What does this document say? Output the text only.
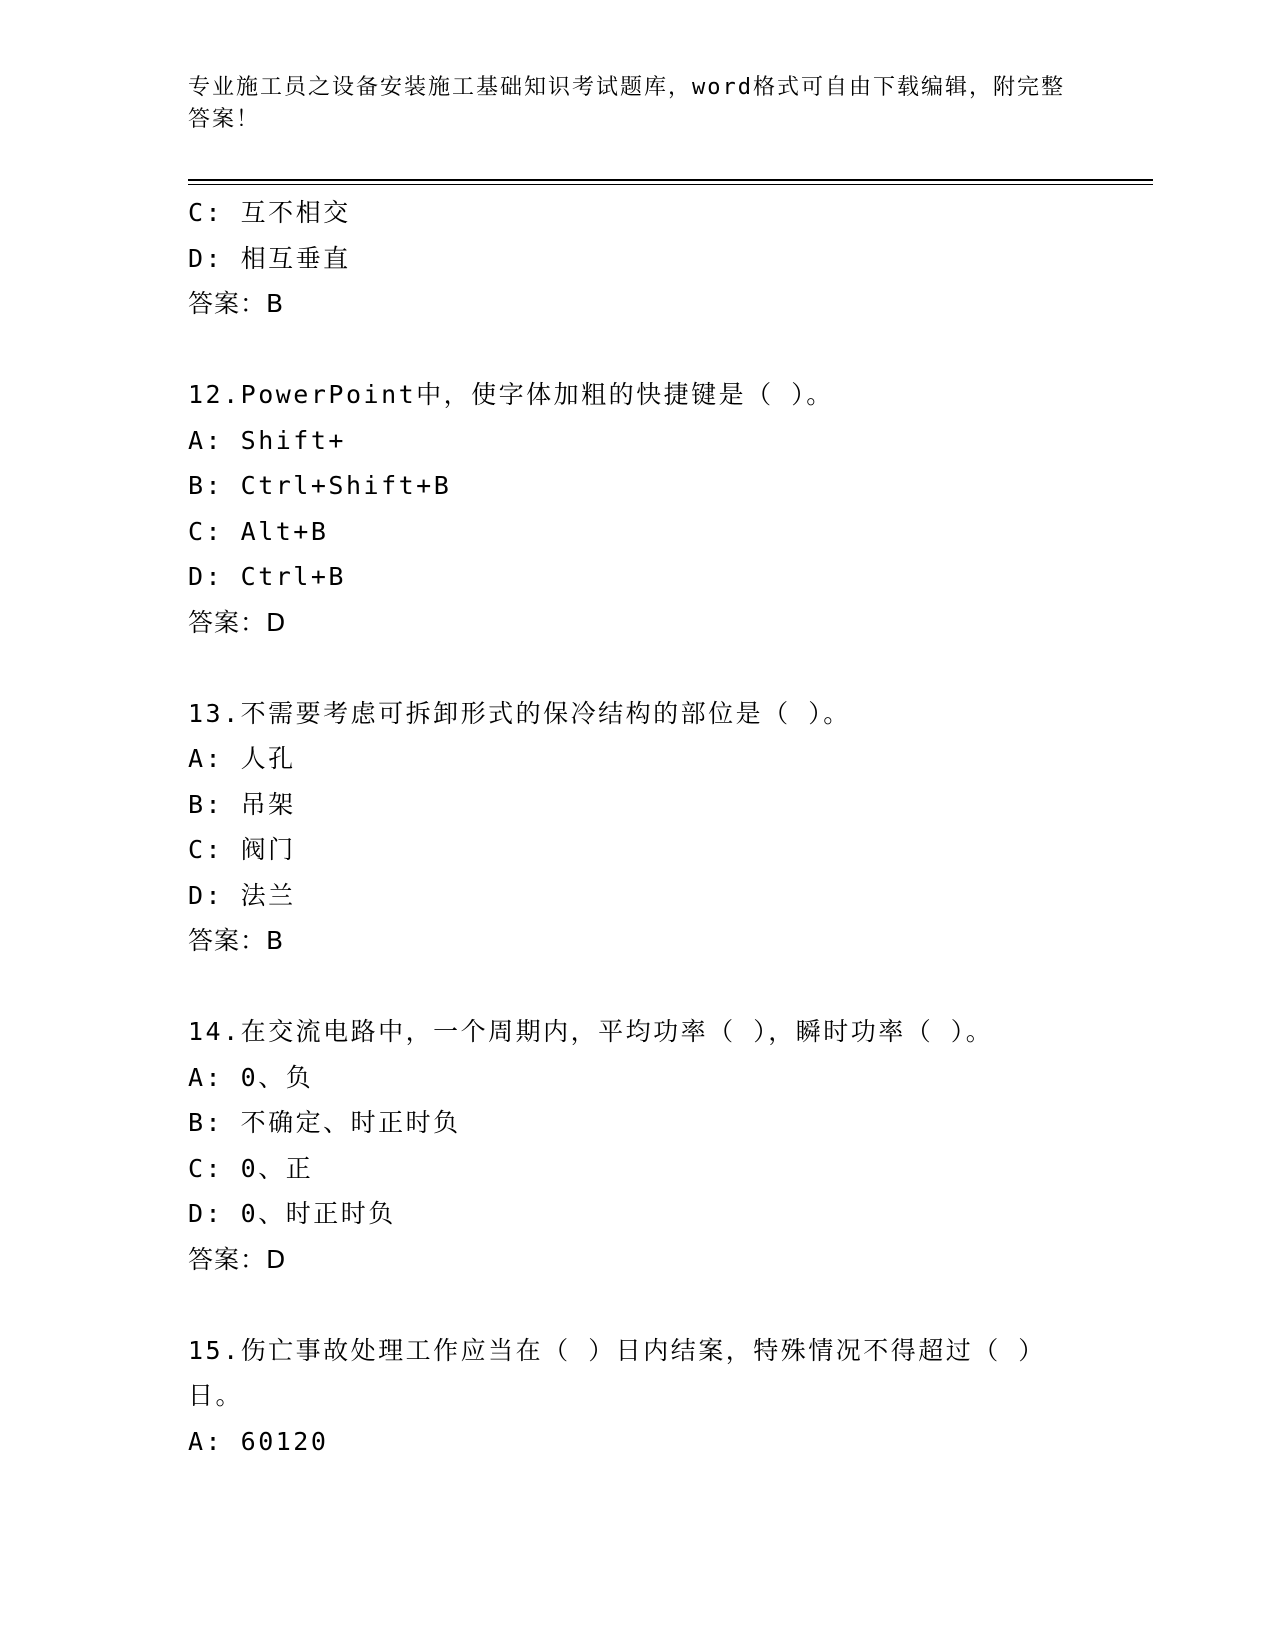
专业施工员之设备安装施工基础知识考试题库，word格式可自由下载编辑，附完整答案！
C: 互不相交
D: 相互垂直
答案：B
12.PowerPoint中，使字体加粗的快捷键是（ ）。
A: Shift+
B: Ctrl+Shift+B
C: Alt+B
D: Ctrl+B
答案：D
13.不需要考虑可拆卸形式的保冷结构的部位是（ ）。
A: 人孔
B: 吊架
C: 阀门
D: 法兰
答案：B
14.在交流电路中，一个周期内，平均功率（ ），瞬时功率（ ）。
A: 0、负
B: 不确定、时正时负
C: 0、正
D: 0、时正时负
答案：D
15.伤亡事故处理工作应当在（ ）日内结案，特殊情况不得超过（ ）日。
A: 60120
